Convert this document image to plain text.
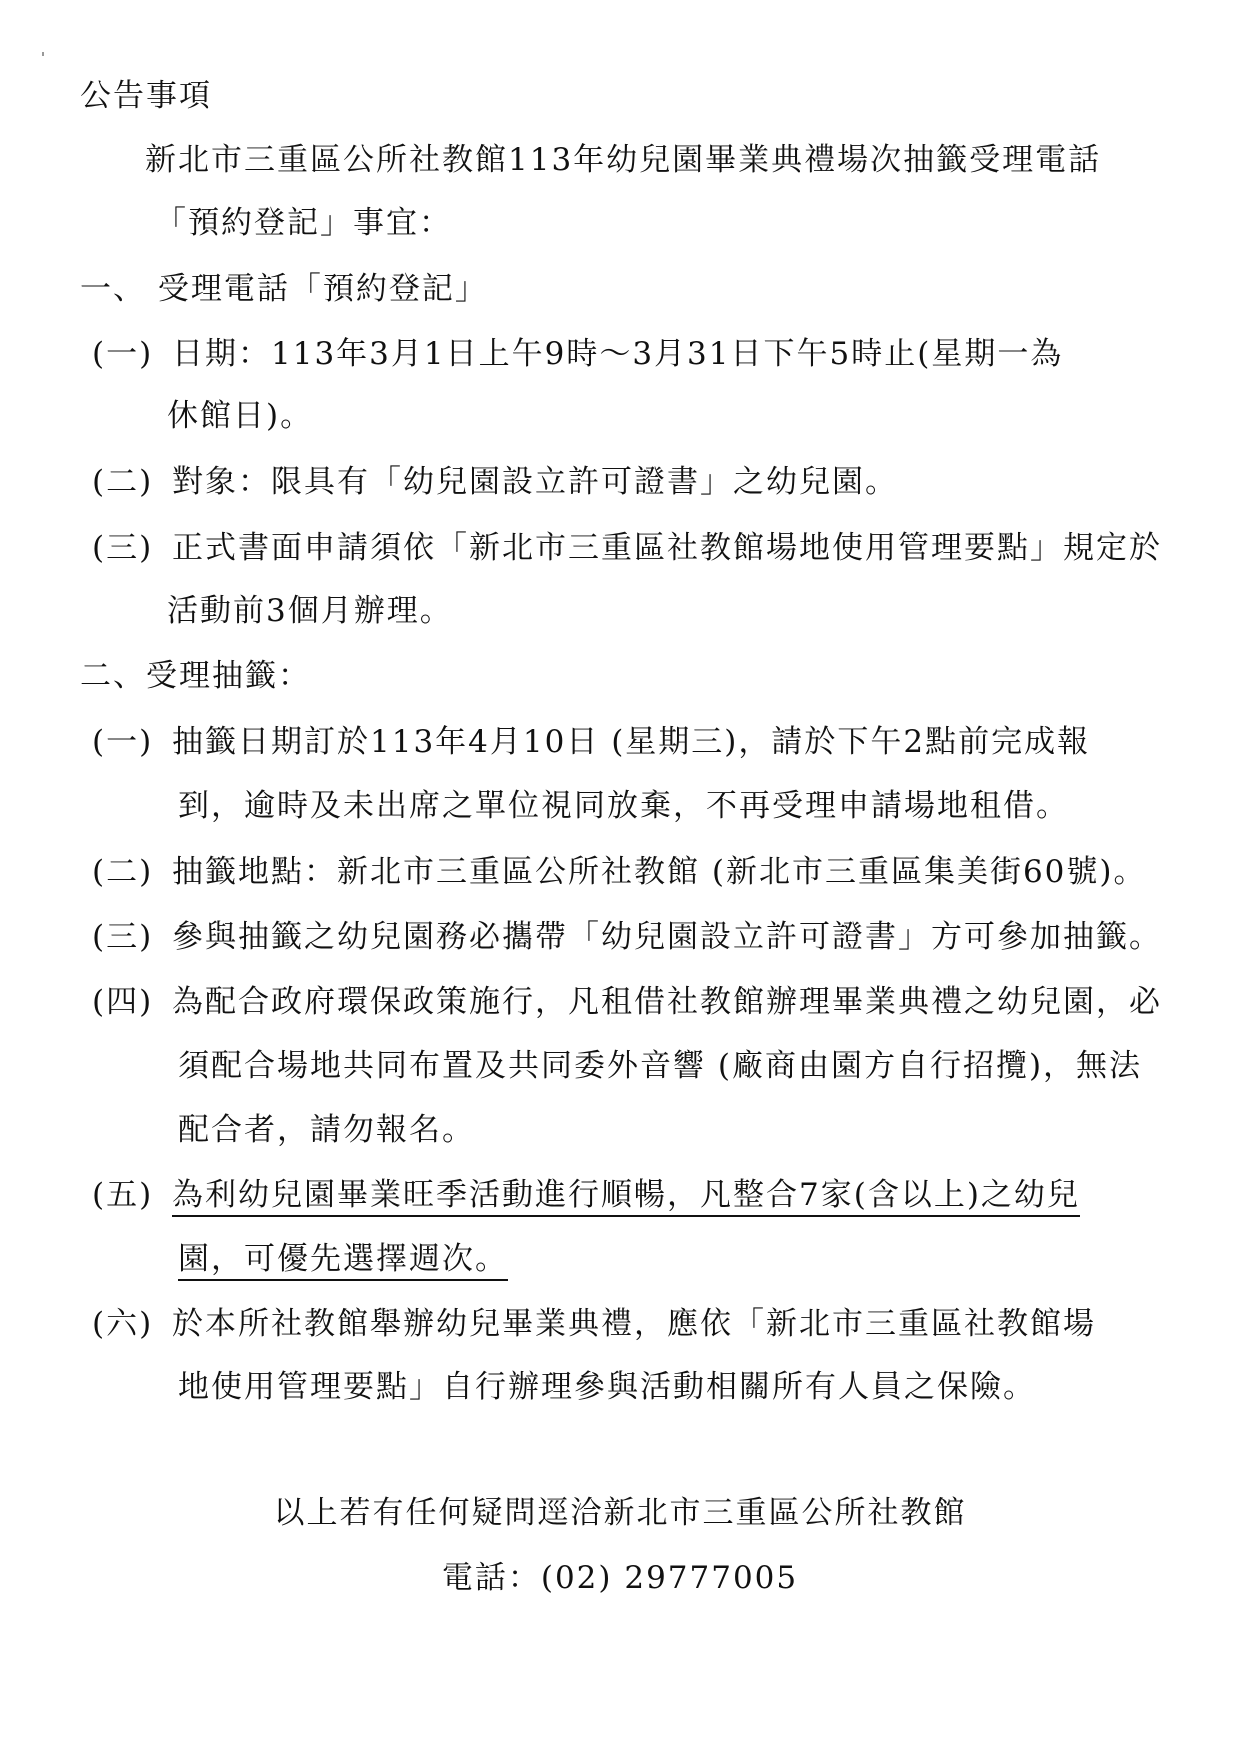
公告事項
新北市三重區公所社教館113年幼兒園畢業典禮場次抽籤受理電話
「預約登記」事宜：
一、 受理電話「預約登記」
(一) 日期：113年3月1日上午9時～3月31日下午5時止(星期一為
休館日)。
(二) 對象：限具有「幼兒園設立許可證書」之幼兒園。
(三) 正式書面申請須依「新北市三重區社教館場地使用管理要點」規定於
活動前3個月辦理。
二、受理抽籤：
(一) 抽籤日期訂於113年4月10日 (星期三)，請於下午2點前完成報
到，逾時及未出席之單位視同放棄，不再受理申請場地租借。
(二) 抽籤地點：新北市三重區公所社教館 (新北市三重區集美街60號)。
(三) 參與抽籤之幼兒園務必攜帶「幼兒園設立許可證書」方可參加抽籤。
(四) 為配合政府環保政策施行，凡租借社教館辦理畢業典禮之幼兒園，必
須配合場地共同布置及共同委外音響 (廠商由園方自行招攬)，無法
配合者，請勿報名。
(五) 為利幼兒園畢業旺季活動進行順暢，凡整合7家(含以上)之幼兒
園，可優先選擇週次。
(六) 於本所社教館舉辦幼兒畢業典禮，應依「新北市三重區社教館場
地使用管理要點」自行辦理參與活動相關所有人員之保險。
以上若有任何疑問逕洽新北市三重區公所社教館
電話：(02) 29777005
